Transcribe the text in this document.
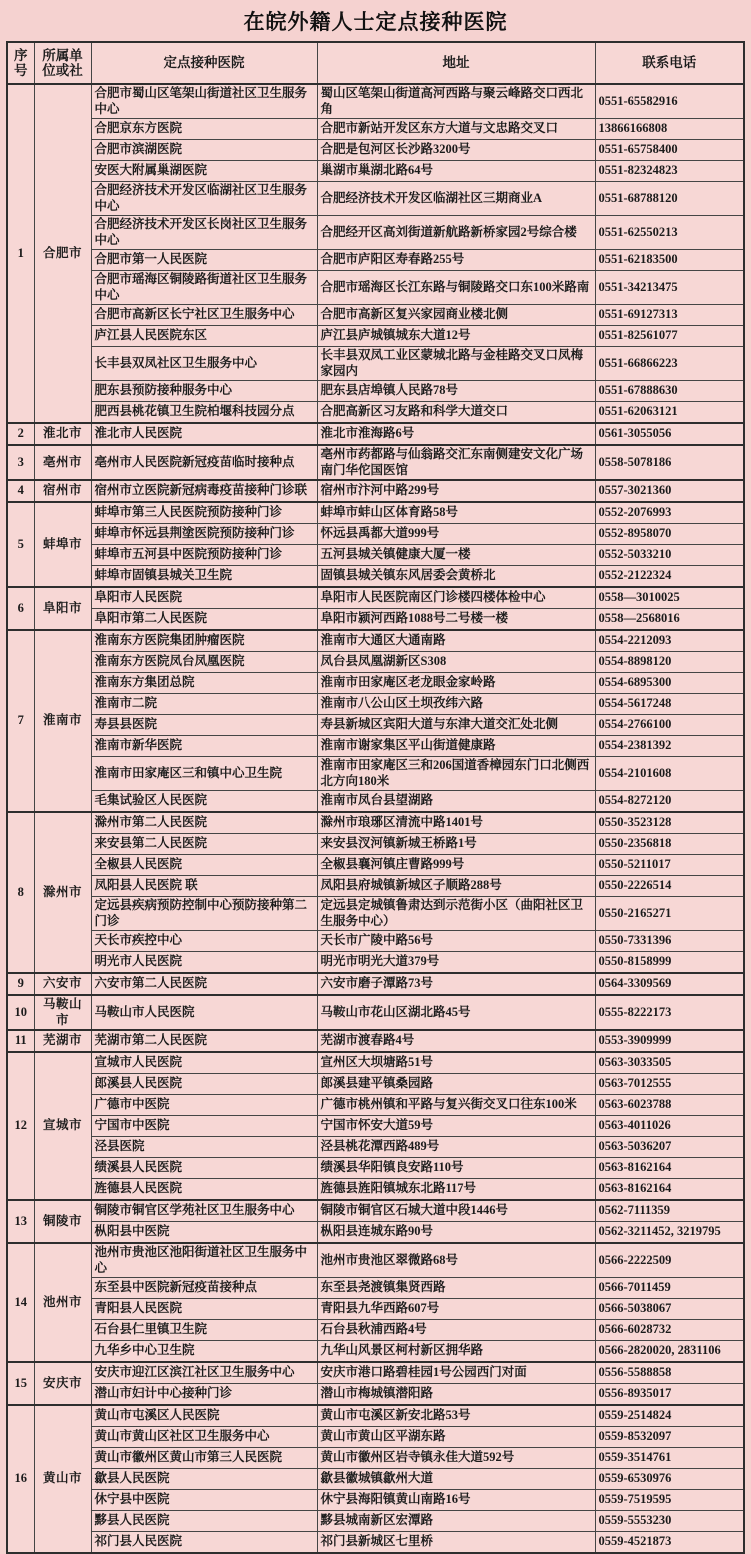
在皖外籍人士定点接种医院
序号	所属单位或社	定点接种医院	地址	联系电话
1	合肥市	合肥市蜀山区笔架山街道社区卫生服务中心	蜀山区笔架山街道高河西路与聚云峰路交口西北角	0551-65582916
		合肥京东方医院	合肥市新站开发区东方大道与文忠路交叉口	13866166808
		合肥市滨湖医院	合肥是包河区长沙路3200号	0551-65758400
		安医大附属巢湖医院	巢湖市巢湖北路64号	0551-82324823
		合肥经济技术开发区临湖社区卫生服务中心	合肥经济技术开发区临湖社区三期商业A	0551-68788120
		合肥经济技术开发区长岗社区卫生服务中心	合肥经开区高刘街道新航路新桥家园2号综合楼	0551-62550213
		合肥市第一人民医院	合肥市庐阳区寿春路255号	0551-62183500
		合肥市瑶海区铜陵路街道社区卫生服务中心	合肥市瑶海区长江东路与铜陵路交口东100米路南	0551-34213475
		合肥市高新区长宁社区卫生服务中心	合肥市高新区复兴家园商业楼北侧	0551-69127313
		庐江县人民医院东区	庐江县庐城镇城东大道12号	0551-82561077
		长丰县双凤社区卫生服务中心	长丰县双凤工业区蒙城北路与金桂路交叉口凤梅家园内	0551-66866223
		肥东县预防接种服务中心	肥东县店埠镇人民路78号	0551-67888630
		肥西县桃花镇卫生院柏堰科技园分点	合肥高新区习友路和科学大道交口	0551-62063121
2	淮北市	淮北市人民医院	淮北市淮海路6号	0561-3055056
3	亳州市	亳州市人民医院新冠疫苗临时接种点	亳州市药都路与仙翁路交汇东南侧建安文化广场南门华佗国医馆	0558-5078186
4	宿州市	宿州市立医院新冠病毒疫苗接种门诊联	宿州市汴河中路299号	0557-3021360
5	蚌埠市	蚌埠市第三人民医院预防接种门诊	蚌埠市蚌山区体育路58号	0552-2076993
		蚌埠市怀远县荆塗医院预防接种门诊	怀远县禹都大道999号	0552-8958070
		蚌埠市五河县中医院预防接种门诊	五河县城关镇健康大厦一楼	0552-5033210
		蚌埠市固镇县城关卫生院	固镇县城关镇东风居委会黄桥北	0552-2122324
6	阜阳市	阜阳市人民医院	阜阳市人民医院南区门诊楼四楼体检中心	0558—3010025
		阜阳市第二人民医院	阜阳市颍河西路1088号二号楼一楼	0558—2568016
7	淮南市	淮南东方医院集团肿瘤医院	淮南市大通区大通南路	0554-2212093
		淮南东方医院凤台凤凰医院	凤台县凤凰湖新区S308	0554-8898120
		淮南东方集团总院	淮南市田家庵区老龙眼金家岭路	0554-6895300
		淮南市二院	淮南市八公山区土坝孜纬六路	0554-5617248
		寿县县医院	寿县新城区宾阳大道与东津大道交汇处北侧	0554-2766100
		淮南市新华医院	淮南市谢家集区平山街道健康路	0554-2381392
		淮南市田家庵区三和镇中心卫生院	淮南市田家庵区三和206国道香樟园东门口北侧西北方向180米	0554-2101608
		毛集试验区人民医院	淮南市凤台县望湖路	0554-8272120
8	滁州市	滁州市第二人民医院	滁州市琅琊区清流中路1401号	0550-3523128
		来安县第二人民医院	来安县汊河镇新城王桥路1号	0550-2356818
		全椒县人民医院	全椒县襄河镇庄曹路999号	0550-5211017
		凤阳县人民医院 联	凤阳县府城镇新城区子顺路288号	0550-2226514
		定远县疾病预防控制中心预防接种第二门诊	定远县定城镇鲁肃达到示范街小区（曲阳社区卫生服务中心）	0550-2165271
		天长市疾控中心	天长市广陵中路56号	0550-7331396
		明光市人民医院	明光市明光大道379号	0550-8158999
9	六安市	六安市第二人民医院	六安市磨子潭路73号	0564-3309569
10	马鞍山市	马鞍山市人民医院	马鞍山市花山区湖北路45号	0555-8222173
11	芜湖市	芜湖市第二人民医院	芜湖市渡春路4号	0553-3909999
12	宣城市	宣城市人民医院	宣州区大坝塘路51号	0563-3033505
		郎溪县人民医院	郎溪县建平镇桑园路	0563-7012555
		广德市中医院	广德市桃州镇和平路与复兴街交叉口往东100米	0563-6023788
		宁国市中医院	宁国市怀安大道59号	0563-4011026
		泾县医院	泾县桃花潭西路489号	0563-5036207
		绩溪县人民医院	绩溪县华阳镇良安路110号	0563-8162164
		旌德县人民医院	旌德县旌阳镇城东北路117号	0563-8162164
13	铜陵市	铜陵市铜官区学苑社区卫生服务中心	铜陵市铜官区石城大道中段1446号	0562-7111359
		枞阳县中医院	枞阳县连城东路90号	0562-3211452, 3219795
14	池州市	池州市贵池区池阳街道社区卫生服务中心	池州市贵池区翠微路68号	0566-2222509
		东至县中医院新冠疫苗接种点	东至县尧渡镇集贤西路	0566-7011459
		青阳县人民医院	青阳县九华西路607号	0566-5038067
		石台县仁里镇卫生院	石台县秋浦西路4号	0566-6028732
		九华乡中心卫生院	九华山风景区柯村新区拥华路	0566-2820020, 2831106
15	安庆市	安庆市迎江区滨江社区卫生服务中心	安庆市港口路碧桂园1号公园西门对面	0556-5588858
		潜山市妇计中心接种门诊	潜山市梅城镇潜阳路	0556-8935017
16	黄山市	黄山市屯溪区人民医院	黄山市屯溪区新安北路53号	0559-2514824
		黄山市黄山区社区卫生服务中心	黄山市黄山区平湖东路	0559-8532097
		黄山市徽州区黄山市第三人民医院	黄山市徽州区岩寺镇永佳大道592号	0559-3514761
		歙县人民医院	歙县徽城镇歙州大道	0559-6530976
		休宁县中医院	休宁县海阳镇黄山南路16号	0559-7519595
		黟县人民医院	黟县城南新区宏潭路	0559-5553230
		祁门县人民医院	祁门县新城区七里桥	0559-4521873
